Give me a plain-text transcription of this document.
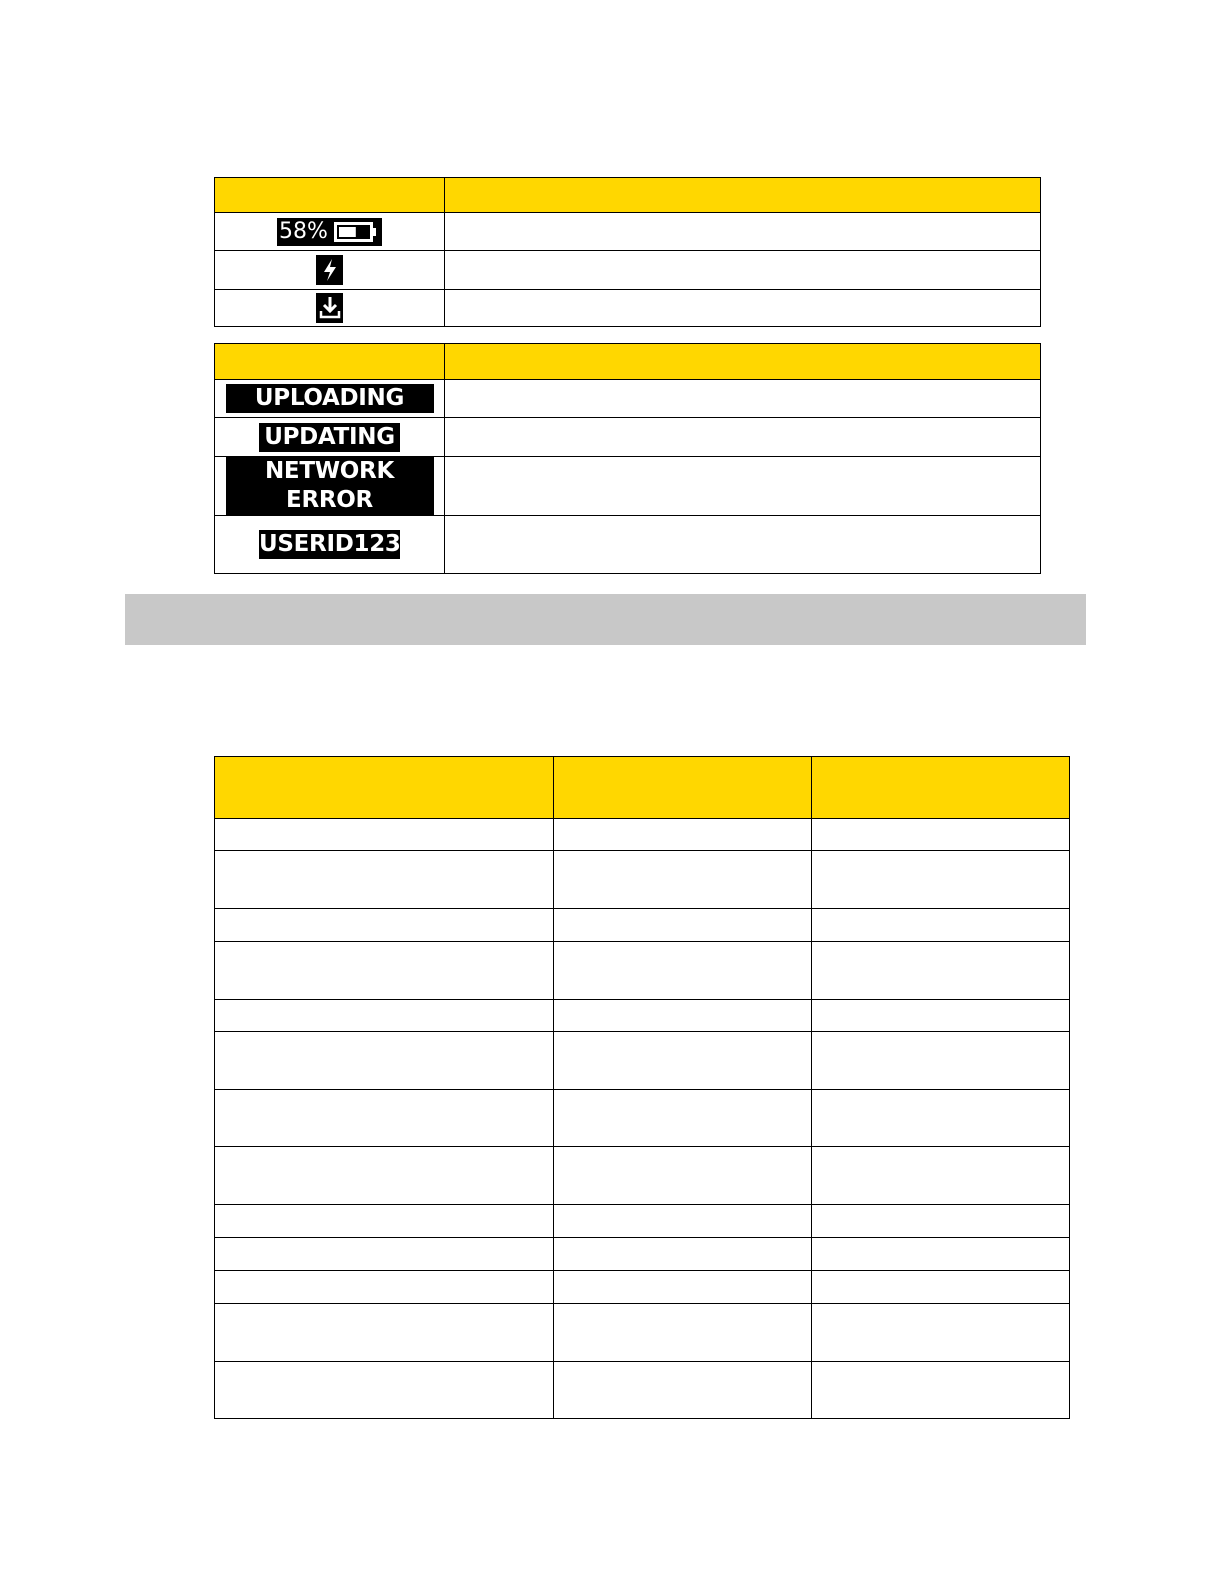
58%	

UPLOADING	
UPDATING	
NETWORK ERROR	
USERID123	
